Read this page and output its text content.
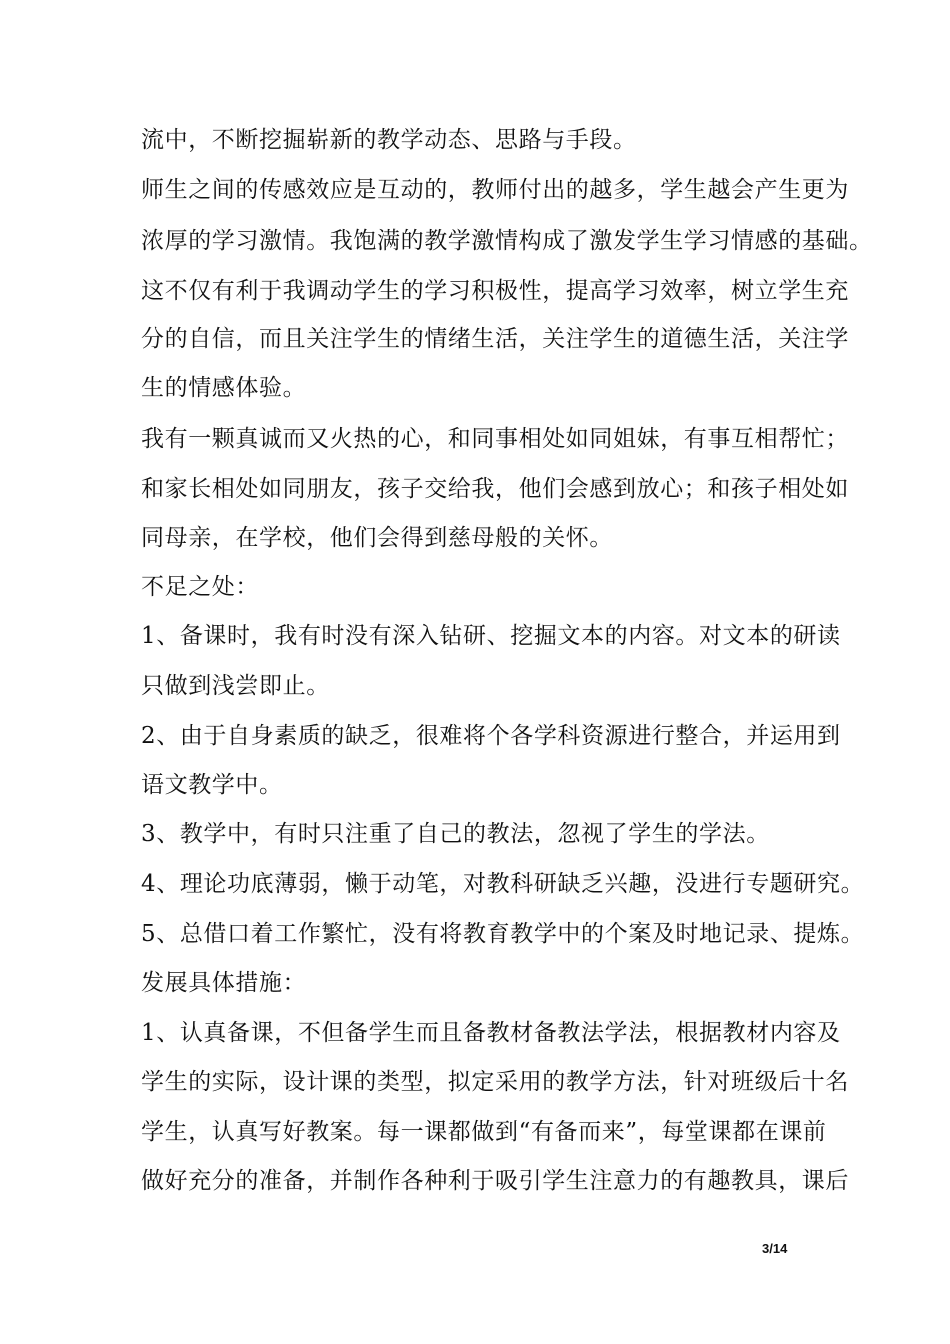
流中，不断挖掘崭新的教学动态、思路与手段。
师生之间的传感效应是互动的，教师付出的越多，学生越会产生更为
浓厚的学习激情。我饱满的教学激情构成了激发学生学习情感的基础。
这不仅有利于我调动学生的学习积极性，提高学习效率，树立学生充
分的自信，而且关注学生的情绪生活，关注学生的道德生活，关注学
生的情感体验。
我有一颗真诚而又火热的心，和同事相处如同姐妹，有事互相帮忙；
和家长相处如同朋友，孩子交给我，他们会感到放心；和孩子相处如
同母亲，在学校，他们会得到慈母般的关怀。
不足之处：
1、备课时，我有时没有深入钻研、挖掘文本的内容。对文本的研读
只做到浅尝即止。
2、由于自身素质的缺乏，很难将个各学科资源进行整合，并运用到
语文教学中。
3、教学中，有时只注重了自己的教法，忽视了学生的学法。
4、理论功底薄弱，懒于动笔，对教科研缺乏兴趣，没进行专题研究。
5、总借口着工作繁忙，没有将教育教学中的个案及时地记录、提炼。
发展具体措施：
1、认真备课，不但备学生而且备教材备教法学法，根据教材内容及
学生的实际，设计课的类型，拟定采用的教学方法，针对班级后十名
学生，认真写好教案。每一课都做到“有备而来”，每堂课都在课前
做好充分的准备，并制作各种利于吸引学生注意力的有趣教具，课后
3/14
